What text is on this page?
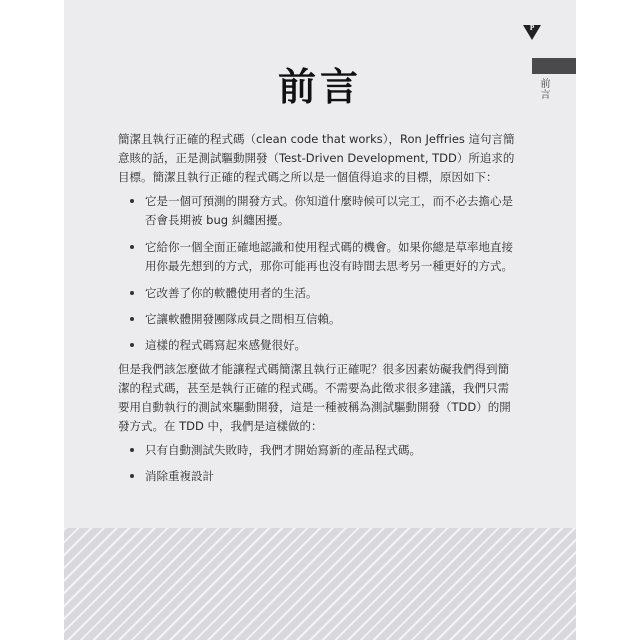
P
前言
前言
簡潔且執行正確的程式碼（clean code that works），Ron Jeffries 這句言簡意賅的話，正是測試驅動開發（Test-Driven Development, TDD）所追求的目標。簡潔且執行正確的程式碼之所以是一個值得追求的目標，原因如下：
它是一個可預測的開發方式。你知道什麼時候可以完工，而不必去擔心是否會長期被 bug 糾纏困擾。
它給你一個全面正確地認識和使用程式碼的機會。如果你總是草率地直接用你最先想到的方式，那你可能再也沒有時間去思考另一種更好的方式。
它改善了你的軟體使用者的生活。
它讓軟體開發團隊成員之間相互信賴。
這樣的程式碼寫起來感覺很好。
但是我們該怎麼做才能讓程式碼簡潔且執行正確呢？很多因素妨礙我們得到簡潔的程式碼，甚至是執行正確的程式碼。不需要為此徵求很多建議，我們只需要用自動執行的測試來驅動開發，這是一種被稱為測試驅動開發（TDD）的開發方式。在 TDD 中，我們是這樣做的：
只有自動測試失敗時，我們才開始寫新的產品程式碼。
消除重複設計
